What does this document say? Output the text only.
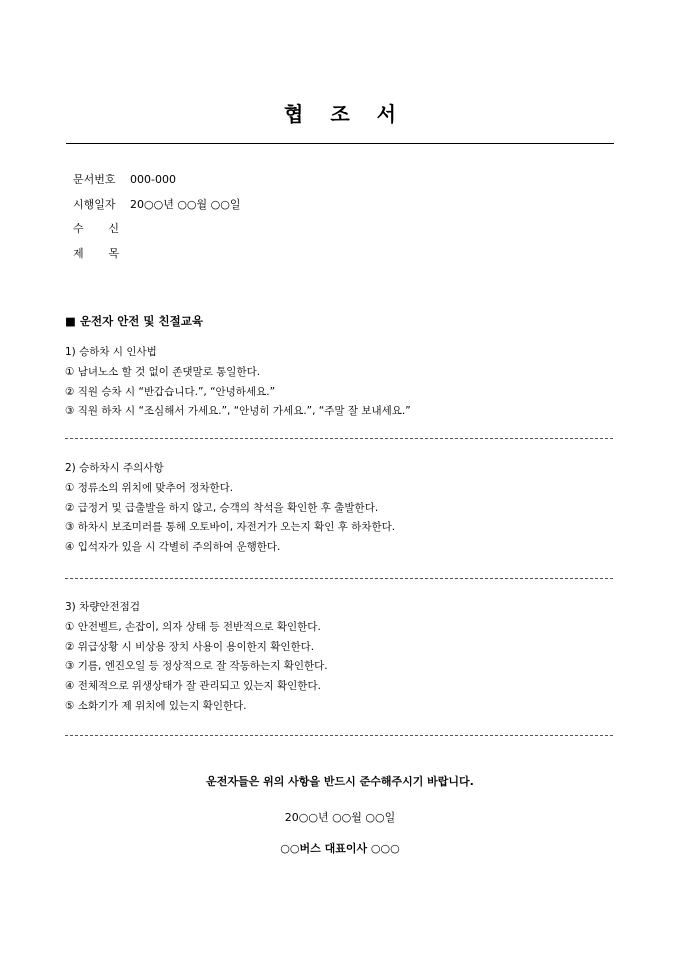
협 조 서
문서번호	000-000
시행일자	20○○년 ○○월 ○○일
수 신
제 목
■ 운전자 안전 및 친절교육
1) 승하차 시 인사법
① 남녀노소 할 것 없이 존댓말로 통일한다.
② 직원 승차 시 “반갑습니다.”, “안녕하세요.”
③ 직원 하차 시 “조심해서 가세요.”, “안녕히 가세요.”, “주말 잘 보내세요.”
2) 승하차시 주의사항
① 정류소의 위치에 맞추어 정차한다.
② 급정거 및 급출발을 하지 않고, 승객의 착석을 확인한 후 출발한다.
③ 하차시 보조미러를 통해 오토바이, 자전거가 오는지 확인 후 하차한다.
④ 입석자가 있을 시 각별히 주의하여 운행한다.
3) 차량안전점검
① 안전벨트, 손잡이, 의자 상태 등 전반적으로 확인한다.
② 위급상황 시 비상용 장치 사용이 용이한지 확인한다.
③ 기름, 엔진오일 등 정상적으로 잘 작동하는지 확인한다.
④ 전체적으로 위생상태가 잘 관리되고 있는지 확인한다.
⑤ 소화기가 제 위치에 있는지 확인한다.
운전자들은 위의 사항을 반드시 준수해주시기 바랍니다.
20○○년 ○○월 ○○일
○○버스 대표이사 ○○○
